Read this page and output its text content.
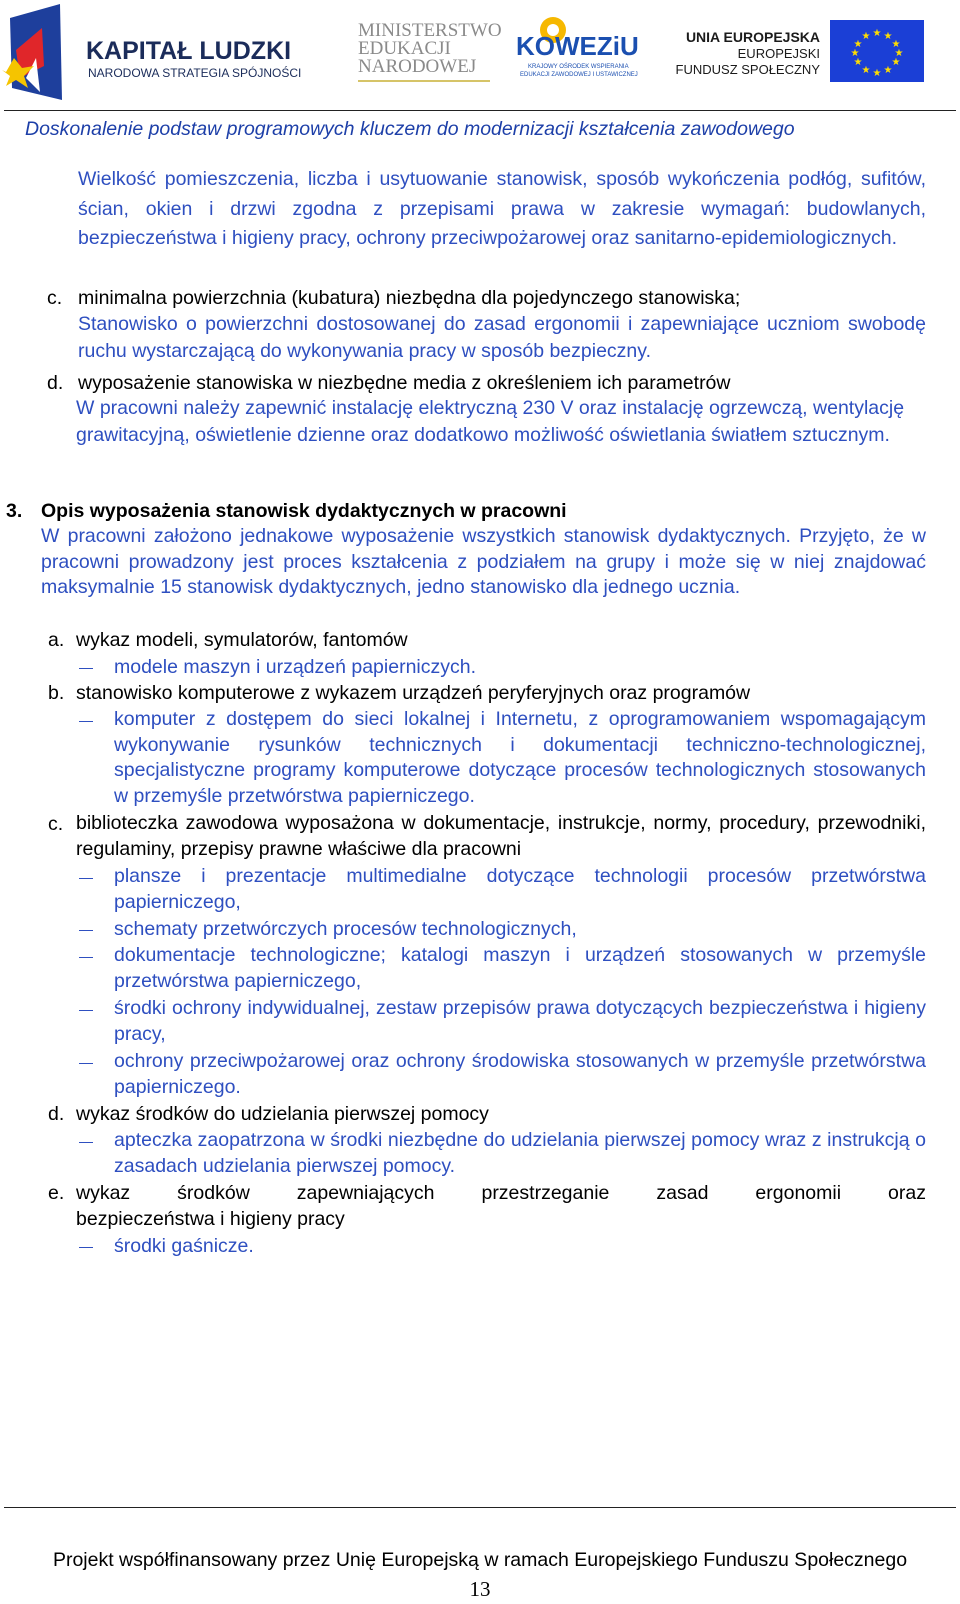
KAPITAŁ LUDZKI
NARODOWA STRATEGIA SPÓJNOŚCI
MINISTERSTWO
EDUKACJI
NARODOWEJ
KOWEZiU
KRAJOWY OŚRODEK WSPIERANIA
EDUKACJI ZAWODOWEJ I USTAWICZNEJ
UNIA EUROPEJSKA
EUROPEJSKI
FUNDUSZ SPOŁECZNY
★ ★
★
★
★
★
★
★
★
★
★
★
Doskonalenie podstaw programowych kluczem do modernizacji kształcenia zawodowego
Wielkość pomieszczenia, liczba i usytuowanie stanowisk, sposób wykończenia podłóg, sufitów, ścian, okien i drzwi zgodna z przepisami prawa w zakresie wymagań: budowlanych, bezpieczeństwa i higieny pracy, ochrony przeciwpożarowej oraz sanitarno-epidemiologicznych.
c. minimalna powierzchnia (kubatura) niezbędna dla pojedynczego stanowiska;
Stanowisko o powierzchni dostosowanej do zasad ergonomii i zapewniające uczniom swobodę ruchu wystarczającą do wykonywania pracy w sposób bezpieczny.
d. wyposażenie stanowiska w niezbędne media z określeniem ich parametrów
W pracowni należy zapewnić instalację elektryczną 230 V oraz instalację ogrzewczą, wentylację grawitacyjną, oświetlenie dzienne oraz dodatkowo możliwość oświetlania światłem sztucznym.
3. Opis wyposażenia stanowisk dydaktycznych w pracowni
W pracowni założono jednakowe wyposażenie wszystkich stanowisk dydaktycznych. Przyjęto, że w pracowni prowadzony jest proces kształcenia z podziałem na grupy i może się w niej znajdować maksymalnie 15 stanowisk dydaktycznych, jedno stanowisko dla jednego ucznia.
a. wykaz modeli, symulatorów, fantomów
modele maszyn i urządzeń papierniczych.
b. stanowisko komputerowe z wykazem urządzeń peryferyjnych oraz programów
komputer z dostępem do sieci lokalnej i Internetu, z oprogramowaniem wspomagającym wykonywanie rysunków technicznych i dokumentacji techniczno-technologicznej, specjalistyczne programy komputerowe dotyczące procesów technologicznych stosowanych w przemyśle przetwórstwa papierniczego.
c. biblioteczka zawodowa wyposażona w dokumentacje, instrukcje, normy, procedury, przewodniki, regulaminy, przepisy prawne właściwe dla pracowni
plansze i prezentacje multimedialne dotyczące technologii procesów przetwórstwa papierniczego,
schematy przetwórczych procesów technologicznych,
dokumentacje technologiczne; katalogi maszyn i urządzeń stosowanych w przemyśle przetwórstwa papierniczego,
środki ochrony indywidualnej, zestaw przepisów prawa dotyczących bezpieczeństwa i higieny pracy,
ochrony przeciwpożarowej oraz ochrony środowiska stosowanych w przemyśle przetwórstwa papierniczego.
d. wykaz środków do udzielania pierwszej pomocy
apteczka zaopatrzona w środki niezbędne do udzielania pierwszej pomocy wraz z instrukcją o zasadach udzielania pierwszej pomocy.
e. wykaz środków zapewniających przestrzeganie zasad ergonomii oraz
bezpieczeństwa i higieny pracy
środki gaśnicze.
Projekt współfinansowany przez Unię Europejską w ramach Europejskiego Funduszu Społecznego
13
